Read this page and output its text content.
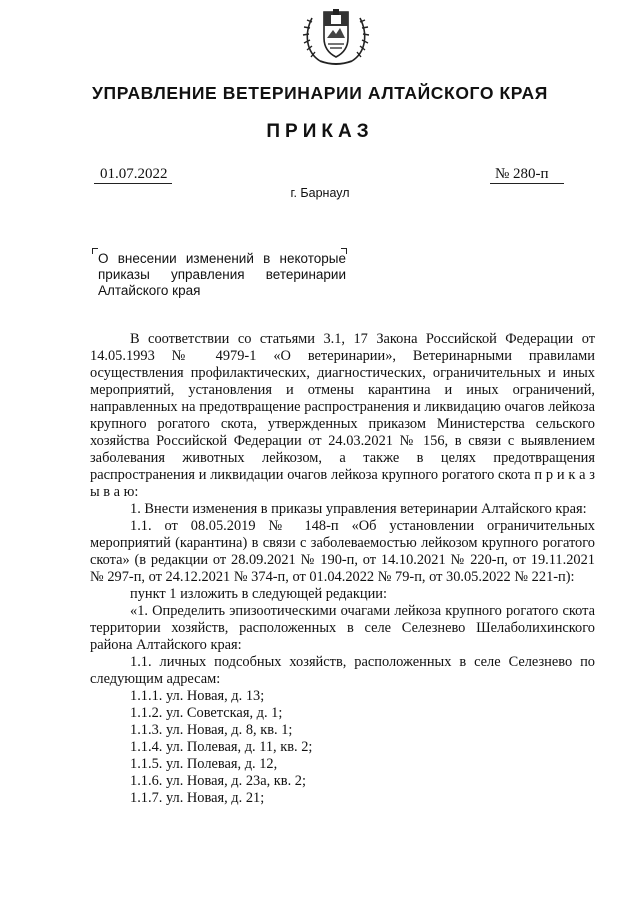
УПРАВЛЕНИЕ ВЕТЕРИНАРИИ АЛТАЙСКОГО КРАЯ
ПРИКАЗ
01.07.2022	№ 280-п
г. Барнаул
О внесении изменений в некоторые
приказы управления ветеринарии
Алтайского края

В соответствии со статьями 3.1, 17 Закона Российской Федерации от 14.05.1993 № 4979-1 «О ветеринарии», Ветеринарными правилами осуществления профилактических, диагностических, ограничительных и иных мероприятий, установления и отмены карантина и иных ограничений, направленных на предотвращение распространения и ликвидацию очагов лейкоза крупного рогатого скота, утвержденных приказом Министерства сельского хозяйства Российской Федерации от 24.03.2021 № 156, в связи с выявлением заболевания животных лейкозом, а также в целях предотвращения распространения и ликвидации очагов лейкоза крупного рогатого скота п р и к а з ы в а ю:

1. Внести изменения в приказы управления ветеринарии Алтайского края:

1.1. от 08.05.2019 № 148-п «Об установлении ограничительных мероприятий (карантина) в связи с заболеваемостью лейкозом крупного рогатого скота» (в редакции от 28.09.2021 № 190-п, от 14.10.2021 № 220-п, от 19.11.2021 № 297-п, от 24.12.2021 № 374-п, от 01.04.2022 № 79-п, от 30.05.2022 № 221-п):

пункт 1 изложить в следующей редакции:

«1. Определить эпизоотическими очагами лейкоза крупного рогатого скота территории хозяйств, расположенных в селе Селезнево Шелаболихинского района Алтайского края:

1.1. личных подсобных хозяйств, расположенных в селе Селезнево по следующим адресам:

1.1.1. ул. Новая, д. 13;
1.1.2. ул. Советская, д. 1;
1.1.3. ул. Новая, д. 8, кв. 1;
1.1.4. ул. Полевая, д. 11, кв. 2;
1.1.5. ул. Полевая, д. 12,
1.1.6. ул. Новая, д. 23а, кв. 2;
1.1.7. ул. Новая, д. 21;
